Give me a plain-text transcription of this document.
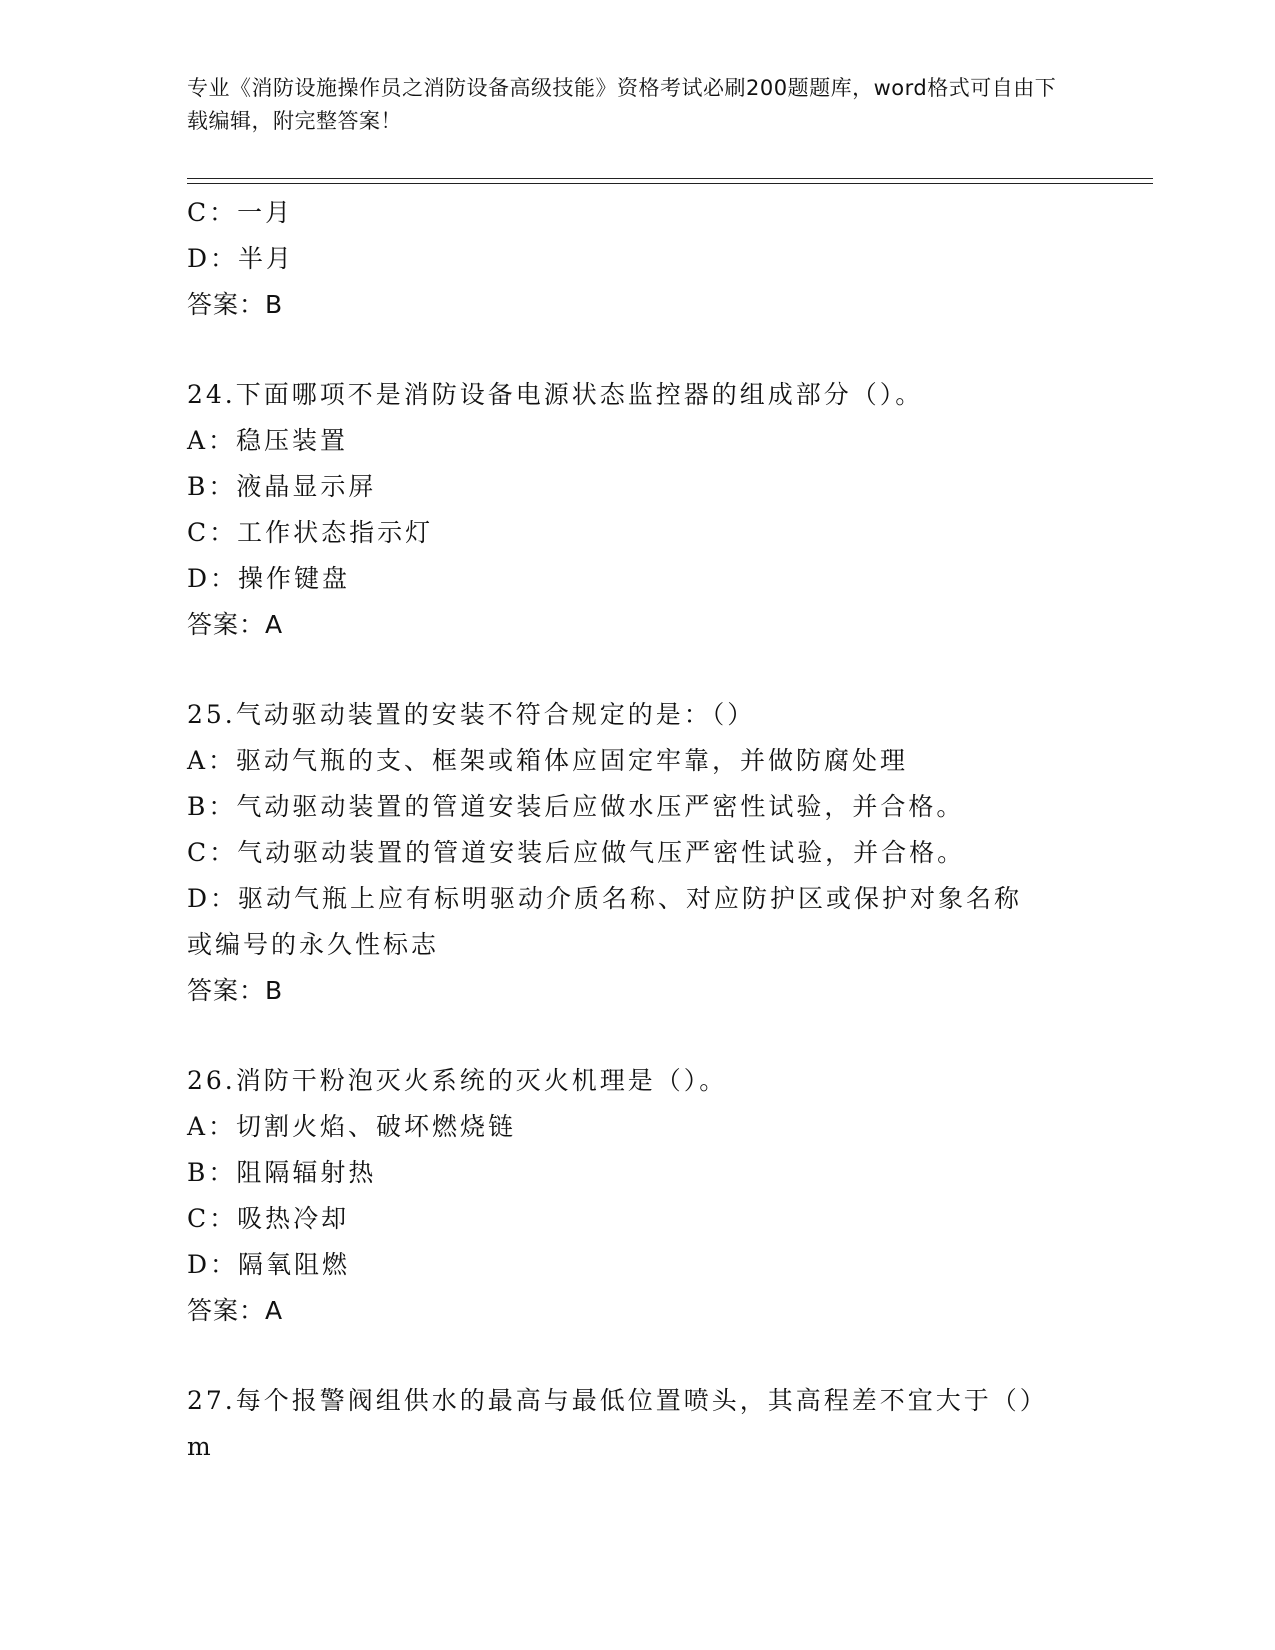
专业《消防设施操作员之消防设备高级技能》资格考试必刷200题题库，word格式可自由下载编辑，附完整答案！
C：一月
D：半月
答案：B
24.下面哪项不是消防设备电源状态监控器的组成部分（）。
A：稳压装置
B：液晶显示屏
C：工作状态指示灯
D：操作键盘
答案：A
25.气动驱动装置的安装不符合规定的是：（）
A：驱动气瓶的支、框架或箱体应固定牢靠，并做防腐处理
B：气动驱动装置的管道安装后应做水压严密性试验，并合格。
C：气动驱动装置的管道安装后应做气压严密性试验，并合格。
D：驱动气瓶上应有标明驱动介质名称、对应防护区或保护对象名称或编号的永久性标志
答案：B
26.消防干粉泡灭火系统的灭火机理是（）。
A：切割火焰、破坏燃烧链
B：阻隔辐射热
C：吸热冷却
D：隔氧阻燃
答案：A
27.每个报警阀组供水的最高与最低位置喷头，其高程差不宜大于（）m
